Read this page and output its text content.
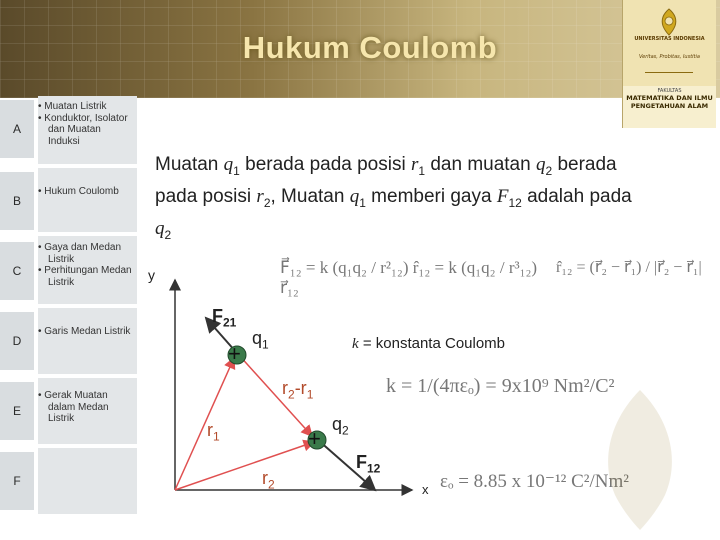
Hukum Coulomb	UNIVERSITAS INDONESIA
Veritas, Probitas, Iustitia
FAKULTAS
MATEMATIKA DAN ILMU PENGETAHUAN ALAM
A

• Muatan Listrik

• Konduktor, Isolator dan Muatan Induksi

B

• Hukum Coulomb

C

• Gaya dan Medan Listrik

• Perhitungan Medan Listrik

D

• Garis Medan Listrik

E

• Gerak Muatan dalam Medan Listrik

F
Muatan $q_1$ berada pada posisi $r_1$ dan muatan $q_2$ berada pada posisi $r_2$, Muatan $q_1$ memberi gaya $F_{12}$ adalah pada $q_2$
+
+
y
x
$F_{21}$
$q_1$
$r_2-r_1$
$r_1$
$r_2$
$q_2$
$F_{12}$
F⃗₁₂ = k (q₁q₂ / r²₁₂) r̂₁₂ = k (q₁q₂ / r³₁₂) r⃗₁₂
r̂₁₂ = (r⃗₂ − r⃗₁) / |r⃗₂ − r⃗₁|
k = konstanta Coulomb
k = 1/(4πεₒ) = 9x10⁹ Nm²/C²
εₒ = 8.85 x 10⁻¹² C²/Nm²
